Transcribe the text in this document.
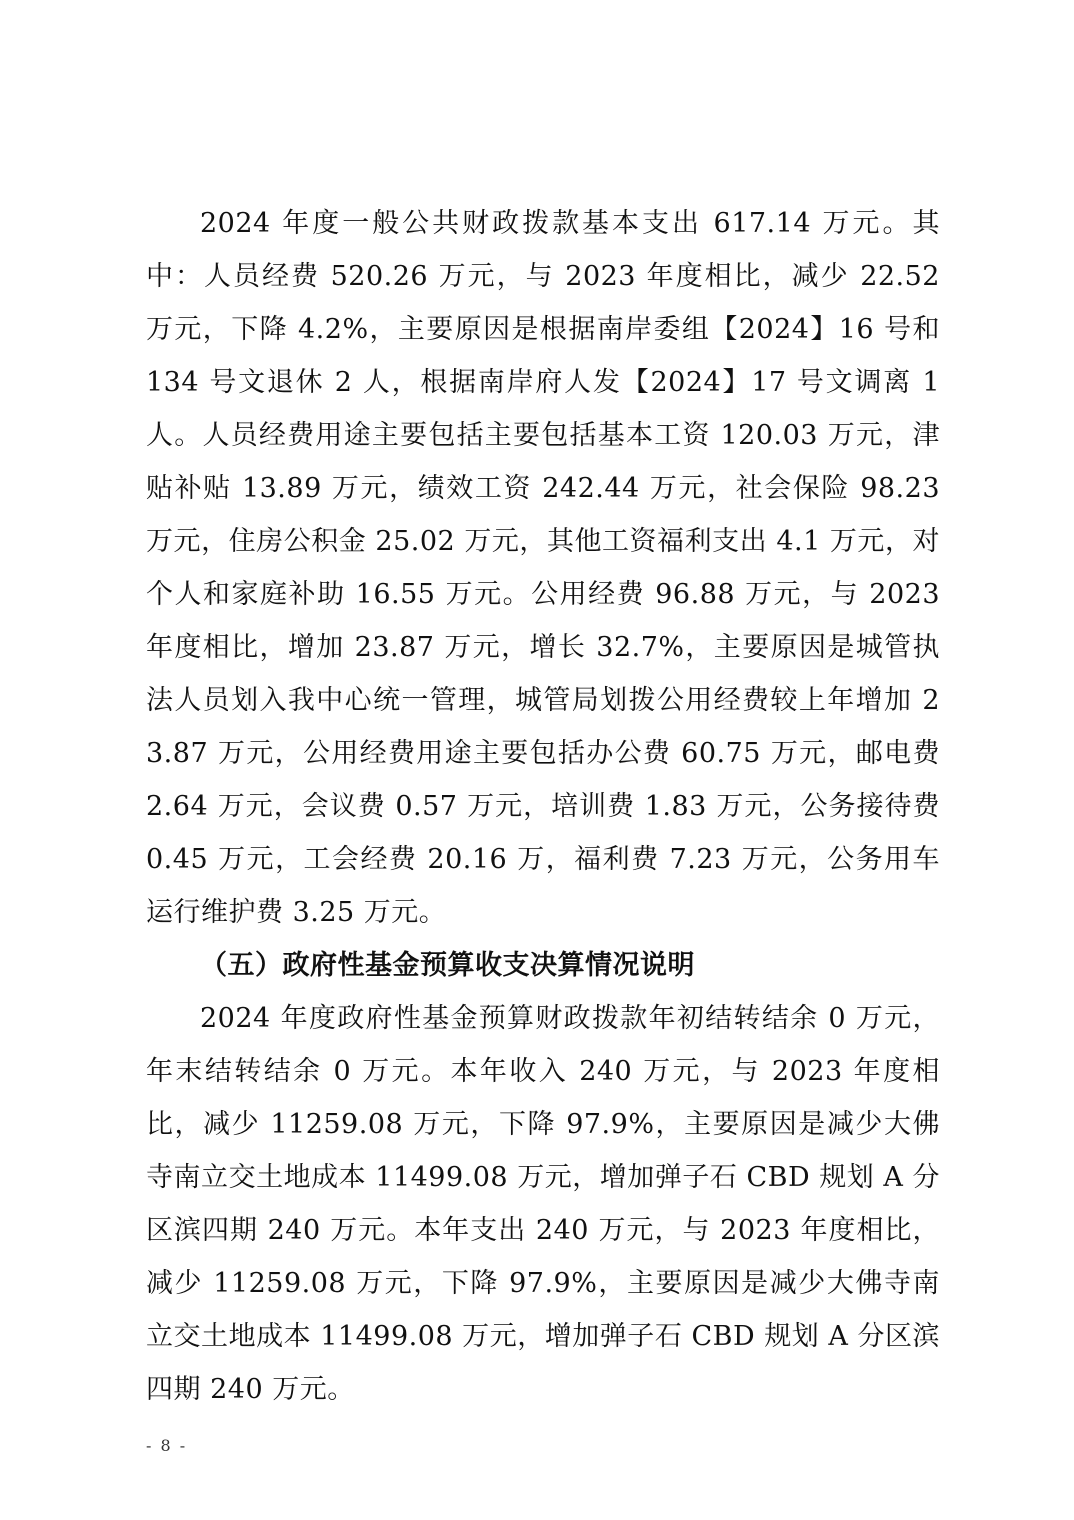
2024 年度一般公共财政拨款基本支出 617.14 万元。其中：人员经费 520.26 万元，与 2023 年度相比，减少 22.52 万元，下降 4.2%，主要原因是根据南岸委组【2024】16 号和 134 号文退休 2 人，根据南岸府人发【2024】17 号文调离 1 人。人员经费用途主要包括主要包括基本工资 120.03 万元，津贴补贴 13.89 万元，绩效工资 242.44 万元，社会保险 98.23 万元，住房公积金 25.02 万元，其他工资福利支出 4.1 万元，对个人和家庭补助 16.55 万元。公用经费 96.88 万元，与 2023 年度相比，增加 23.87 万元，增长 32.7%，主要原因是城管执法人员划入我中心统一管理，城管局划拨公用经费较上年增加 23.87 万元，公用经费用途主要包括办公费 60.75 万元，邮电费 2.64 万元，会议费 0.57 万元，培训费 1.83 万元，公务接待费 0.45 万元，工会经费 20.16 万，福利费 7.23 万元，公务用车运行维护费 3.25 万元。

（五）政府性基金预算收支决算情况说明

2024 年度政府性基金预算财政拨款年初结转结余 0 万元，年末结转结余 0 万元。本年收入 240 万元，与 2023 年度相比，减少 11259.08 万元，下降 97.9%，主要原因是减少大佛寺南立交土地成本 11499.08 万元，增加弹子石 CBD 规划 A 分区滨四期 240 万元。本年支出 240 万元，与 2023 年度相比，减少 11259.08 万元，下降 97.9%，主要原因是减少大佛寺南立交土地成本 11499.08 万元，增加弹子石 CBD 规划 A 分区滨四期 240 万元。

- 8 -
